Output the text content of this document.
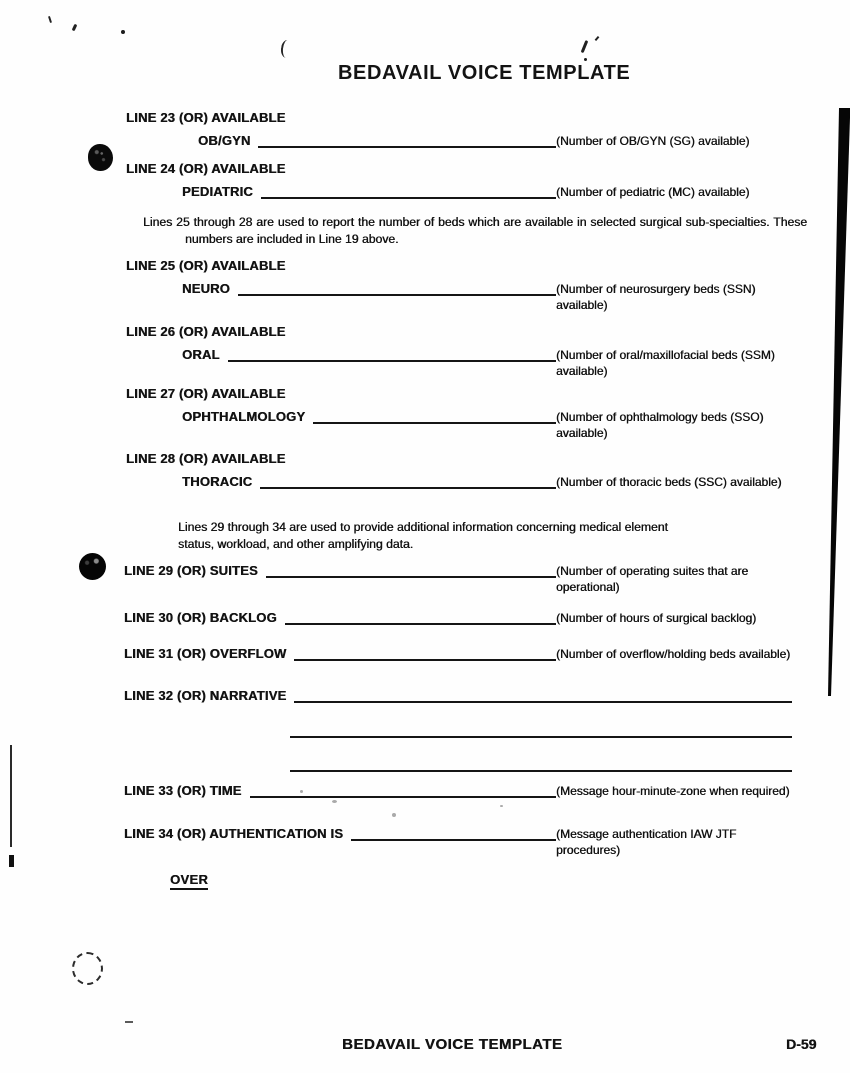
BEDAVAIL VOICE TEMPLATE
LINE 23 (OR) AVAILABLE
OB/GYN	(Number of OB/GYN (SG) available)
LINE 24 (OR) AVAILABLE
PEDIATRIC	(Number of pediatric (MC) available)
Lines 25 through 28 are used to report the number of beds which are available in selected surgical sub-specialties. These numbers are included in Line 19 above.
LINE 25 (OR) AVAILABLE
NEURO	(Number of neurosurgery beds (SSN) available)
LINE 26 (OR) AVAILABLE
ORAL	(Number of oral/maxillofacial beds (SSM) available)
LINE 27 (OR) AVAILABLE
OPHTHALMOLOGY	(Number of ophthalmology beds (SSO) available)
LINE 28 (OR) AVAILABLE
THORACIC	(Number of thoracic beds (SSC) available)
Lines 29 through 34 are used to provide additional information concerning medical element status, workload, and other amplifying data.
LINE 29 (OR) SUITES	(Number of operating suites that are operational)
LINE 30 (OR) BACKLOG	(Number of hours of surgical backlog)
LINE 31 (OR) OVERFLOW	(Number of overflow/holding beds available)
LINE 32 (OR) NARRATIVE
LINE 33 (OR) TIME	(Message hour-minute-zone when required)
LINE 34 (OR) AUTHENTICATION IS	(Message authentication IAW JTF procedures)
OVER
BEDAVAIL VOICE TEMPLATE	D-59
